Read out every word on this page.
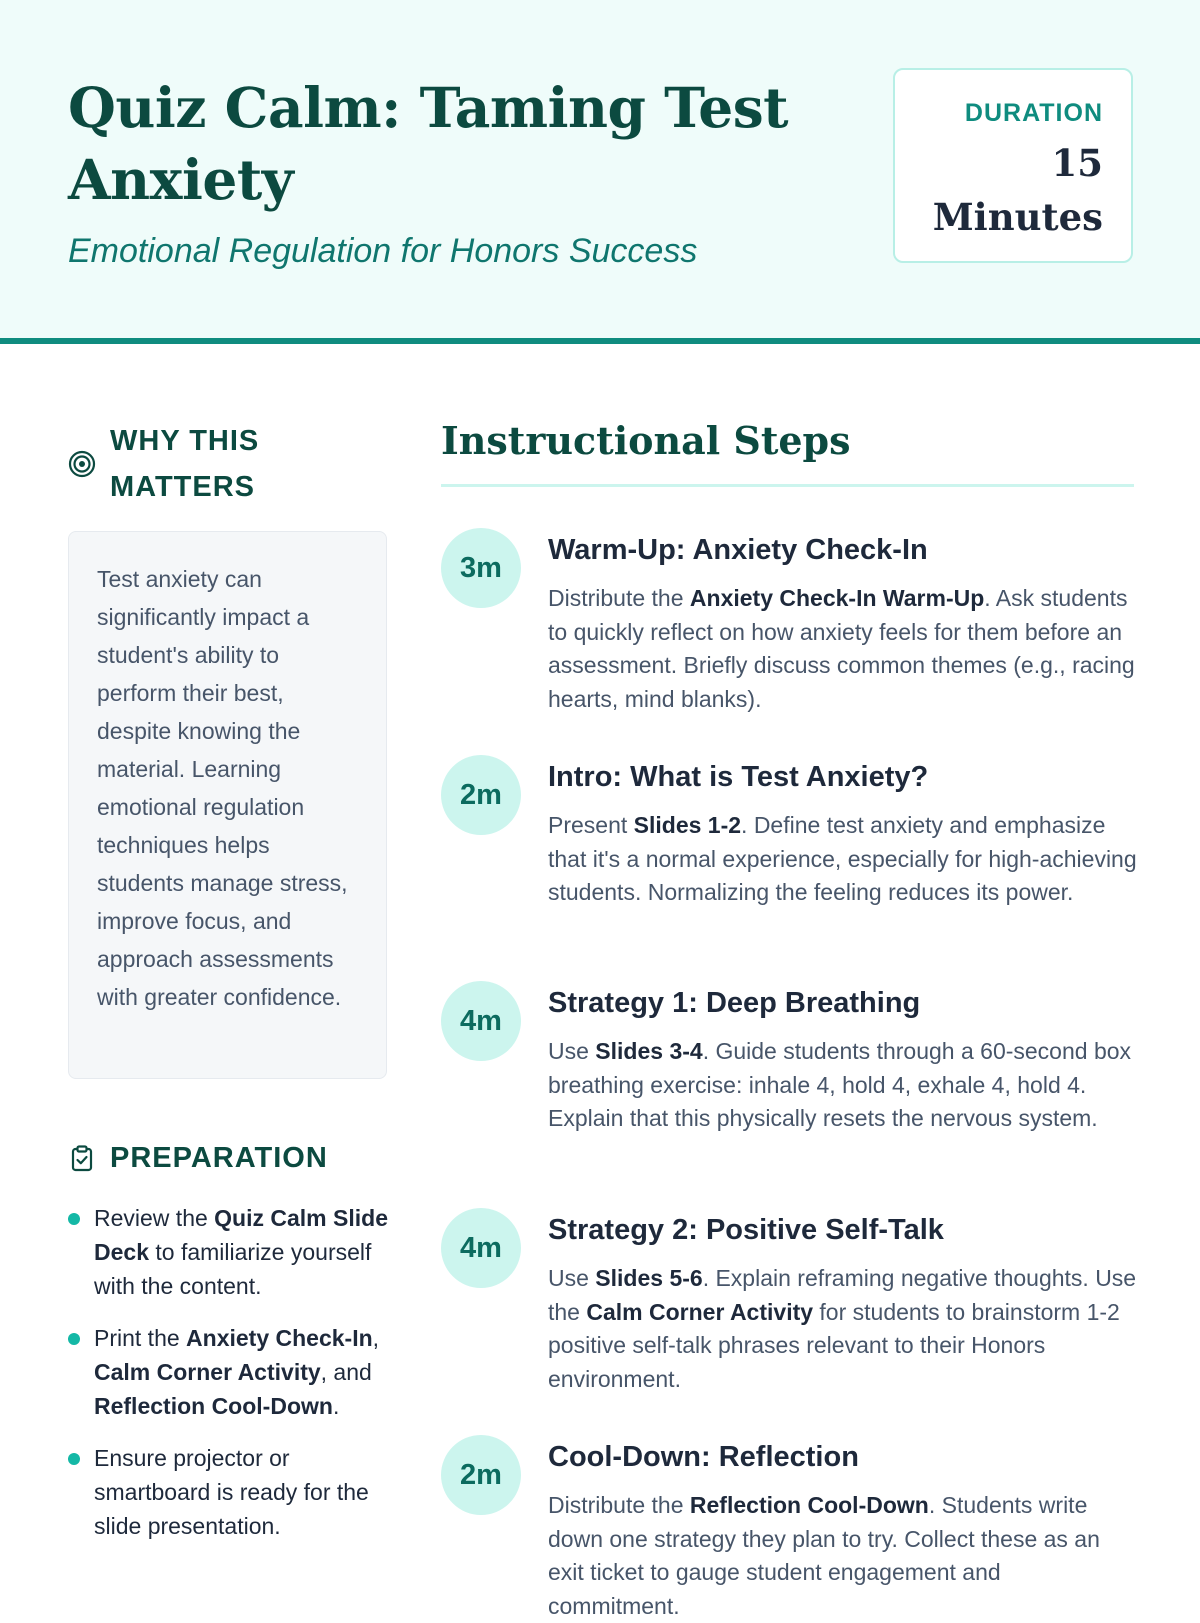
Quiz Calm: Taming Test Anxiety
Emotional Regulation for Honors Success
DURATION
15 Minutes
WHY THIS MATTERS

Test anxiety can significantly impact a student's ability to perform their best, despite knowing the material. Learning emotional regulation techniques helps students manage stress, improve focus, and approach assessments with greater confidence.

PREPARATION
Review the Quiz Calm Slide Deck to familiarize yourself with the content.
Print the Anxiety Check-In, Calm Corner Activity, and Reflection Cool-Down.
Ensure projector or smartboard is ready for the slide presentation.
Instructional Steps
3m
Warm-Up: Anxiety Check-In
Distribute the Anxiety Check-In Warm-Up. Ask students to quickly reflect on how anxiety feels for them before an assessment. Briefly discuss common themes (e.g., racing hearts, mind blanks).
2m
Intro: What is Test Anxiety?
Present Slides 1-2. Define test anxiety and emphasize that it's a normal experience, especially for high-achieving students. Normalizing the feeling reduces its power.
4m
Strategy 1: Deep Breathing
Use Slides 3-4. Guide students through a 60-second box breathing exercise: inhale 4, hold 4, exhale 4, hold 4. Explain that this physically resets the nervous system.
4m
Strategy 2: Positive Self-Talk
Use Slides 5-6. Explain reframing negative thoughts. Use the Calm Corner Activity for students to brainstorm 1-2 positive self-talk phrases relevant to their Honors environment.
2m
Cool-Down: Reflection
Distribute the Reflection Cool-Down. Students write down one strategy they plan to try. Collect these as an exit ticket to gauge student engagement and commitment.
